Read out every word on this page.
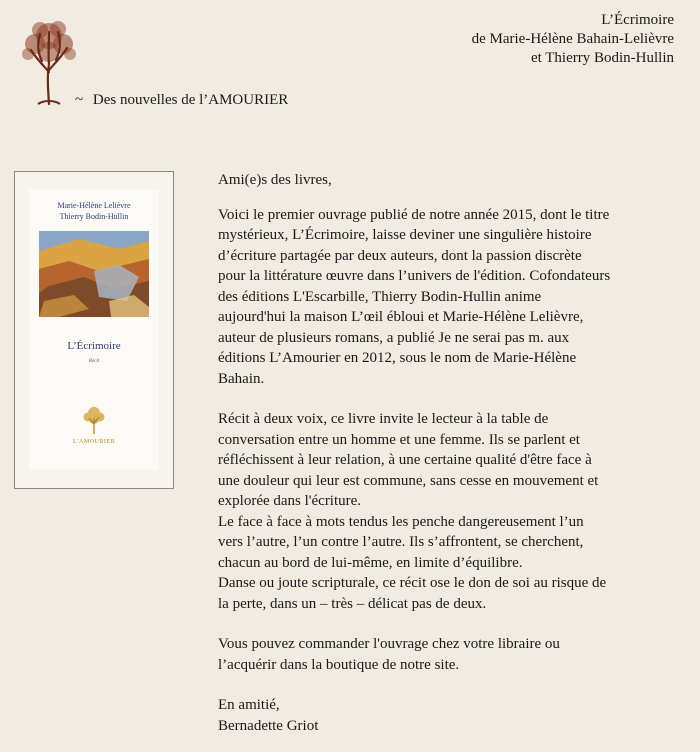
~ Des nouvelles de l’AMOURIER
L’Écrimoire
de Marie-Hélène Bahain-Lelièvre
et Thierry Bodin-Hullin
Marie-Hélène Lelièvre
Thierry Bodin-Hullin
L’Écrimoire
Récit
L’AMOURIER

Ami(e)s des livres,

Voici le premier ouvrage publié de notre année 2015, dont le titre

mystérieux, L’Écrimoire, laisse deviner une singulière histoire

d’écriture partagée par deux auteurs, dont la passion discrète

pour la littérature œuvre dans l’univers de l'édition. Cofondateurs

des éditions L'Escarbille, Thierry Bodin-Hullin anime

aujourd'hui la maison L’œil ébloui et Marie-Hélène Lelièvre,

auteur de plusieurs romans, a publié Je ne serai pas m. aux

éditions L’Amourier en 2012, sous le nom de Marie-Hélène

Bahain.

Récit à deux voix, ce livre invite le lecteur à la table de

conversation entre un homme et une femme. Ils se parlent et

réfléchissent à leur relation, à une certaine qualité d'être face à

une douleur qui leur est commune, sans cesse en mouvement et

explorée dans l'écriture.

Le face à face à mots tendus les penche dangereusement l’un

vers l’autre, l’un contre l’autre. Ils s’affrontent, se cherchent,

chacun au bord de lui-même, en limite d’équilibre.

Danse ou joute scripturale, ce récit ose le don de soi au risque de

la perte, dans un – très – délicat pas de deux.

Vous pouvez commander l'ouvrage chez votre libraire ou

l’acquérir dans la boutique de notre site.

En amitié,

Bernadette Griot
